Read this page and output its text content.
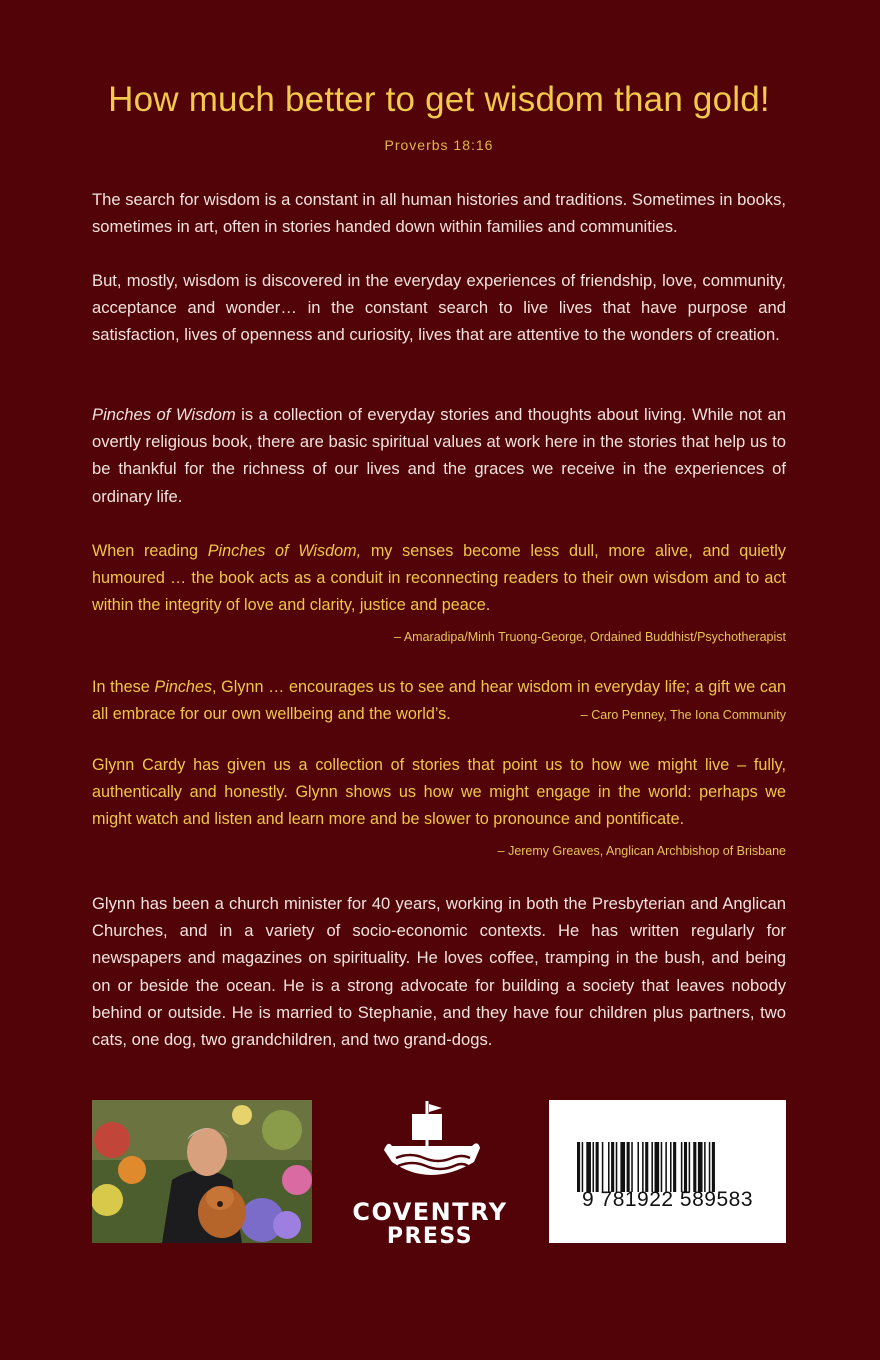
How much better to get wisdom than gold!
Proverbs 18:16

The search for wisdom is a constant in all human histories and traditions. Sometimes in books, sometimes in art, often in stories handed down within families and communities.

But, mostly, wisdom is discovered in the everyday experiences of friendship, love, community, acceptance and wonder… in the constant search to live lives that have purpose and satisfaction, lives of openness and curiosity, lives that are attentive to the wonders of creation.

Pinches of Wisdom is a collection of everyday stories and thoughts about living. While not an overtly religious book, there are basic spiritual values at work here in the stories that help us to be thankful for the richness of our lives and the graces we receive in the experiences of ordinary life.

When reading Pinches of Wisdom, my senses become less dull, more alive, and quietly humoured … the book acts as a conduit in reconnecting readers to their own wisdom and to act within the integrity of love and clarity, justice and peace.

– Amaradipa/Minh Truong-George, Ordained Buddhist/Psychotherapist

In these Pinches, Glynn … encourages us to see and hear wisdom in everyday life; a gift we can all embrace for our own wellbeing and the world’s.	– Caro Penney, The Iona Community

Glynn Cardy has given us a collection of stories that point us to how we might live – fully, authentically and honestly. Glynn shows us how we might engage in the world: perhaps we might watch and listen and learn more and be slower to pronounce and pontificate.

– Jeremy Greaves, Anglican Archbishop of Brisbane

Glynn has been a church minister for 40 years, working in both the Presbyterian and Anglican Churches, and in a variety of socio-economic contexts. He has written regularly for newspapers and magazines on spirituality. He loves coffee, tramping in the bush, and being on or beside the ocean. He is a strong advocate for building a society that leaves nobody behind or outside. He is married to Stephanie, and they have four children plus partners, two cats, one dog, two grandchildren, and two grand-dogs.

COVENTRY
PRESS
9 781922 589583
